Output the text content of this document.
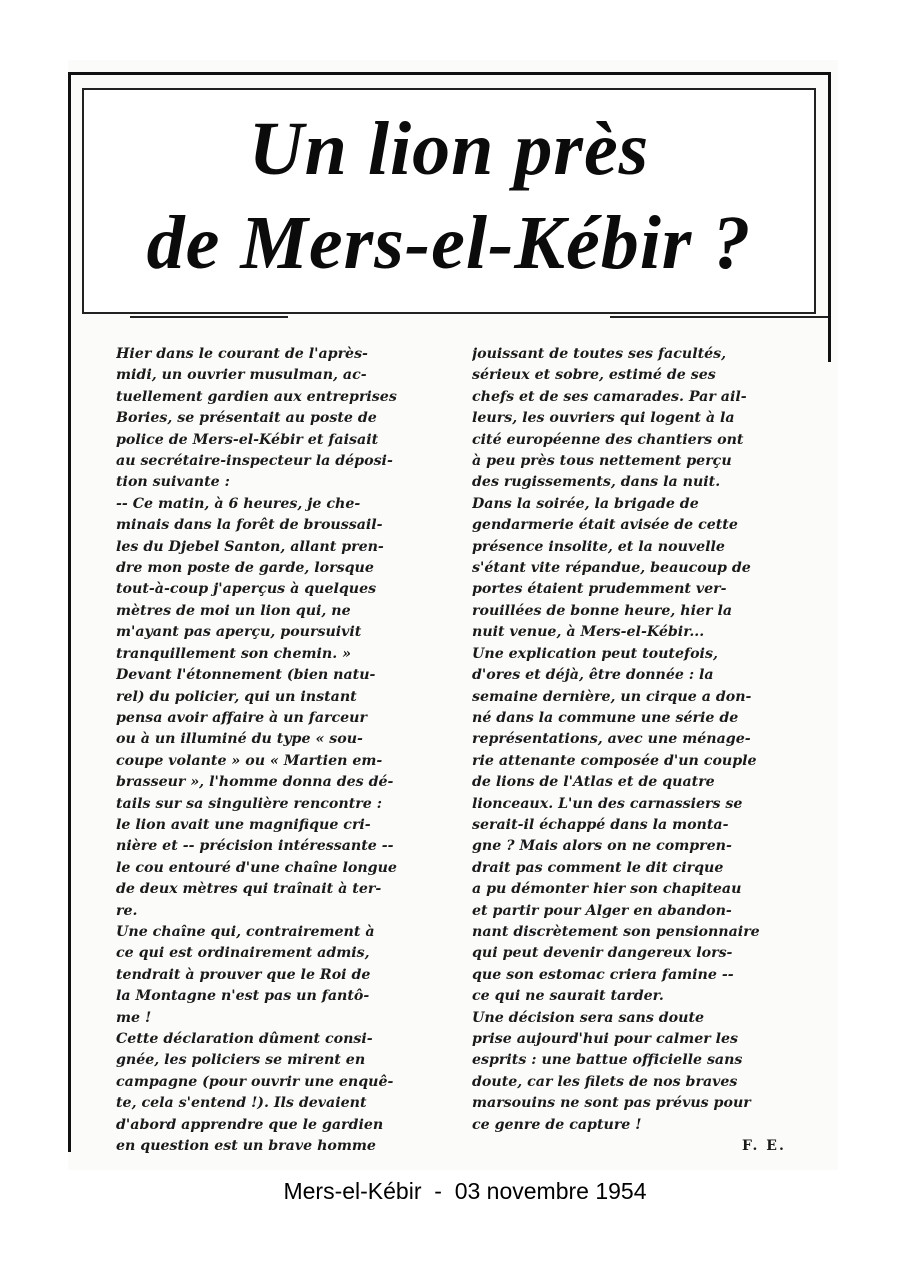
Un lion près
de Mers-el-Kébir ?
Hier dans le courant de l'après-
midi, un ouvrier musulman, ac-
tuellement gardien aux entreprises
Bories, se présentait au poste de
police de Mers-el-Kébir et faisait
au secrétaire-inspecteur la déposi-
tion suivante :
-- Ce matin, à 6 heures, je che-
minais dans la forêt de broussail-
les du Djebel Santon, allant pren-
dre mon poste de garde, lorsque
tout-à-coup j'aperçus à quelques
mètres de moi un lion qui, ne
m'ayant pas aperçu, poursuivit
tranquillement son chemin. »
Devant l'étonnement (bien natu-
rel) du policier, qui un instant
pensa avoir affaire à un farceur
ou à un illuminé du type « sou-
coupe volante » ou « Martien em-
brasseur », l'homme donna des dé-
tails sur sa singulière rencontre :
le lion avait une magnifique cri-
nière et -- précision intéressante --
le cou entouré d'une chaîne longue
de deux mètres qui traînait à ter-
re.
Une chaîne qui, contrairement à
ce qui est ordinairement admis,
tendrait à prouver que le Roi de
la Montagne n'est pas un fantô-
me !
Cette déclaration dûment consi-
gnée, les policiers se mirent en
campagne (pour ouvrir une enquê-
te, cela s'entend !). Ils devaient
d'abord apprendre que le gardien
en question est un brave homme
jouissant de toutes ses facultés,
sérieux et sobre, estimé de ses
chefs et de ses camarades. Par ail-
leurs, les ouvriers qui logent à la
cité européenne des chantiers ont
à peu près tous nettement perçu
des rugissements, dans la nuit.
Dans la soirée, la brigade de
gendarmerie était avisée de cette
présence insolite, et la nouvelle
s'étant vite répandue, beaucoup de
portes étaient prudemment ver-
rouillées de bonne heure, hier la
nuit venue, à Mers-el-Kébir...
Une explication peut toutefois,
d'ores et déjà, être donnée : la
semaine dernière, un cirque a don-
né dans la commune une série de
représentations, avec une ménage-
rie attenante composée d'un couple
de lions de l'Atlas et de quatre
lionceaux. L'un des carnassiers se
serait-il échappé dans la monta-
gne ? Mais alors on ne compren-
drait pas comment le dit cirque
a pu démonter hier son chapiteau
et partir pour Alger en abandon-
nant discrètement son pensionnaire
qui peut devenir dangereux lors-
que son estomac criera famine --
ce qui ne saurait tarder.
Une décision sera sans doute
prise aujourd'hui pour calmer les
esprits : une battue officielle sans
doute, car les filets de nos braves
marsouins ne sont pas prévus pour
ce genre de capture !
F. E.
Mers-el-Kébir  -  03 novembre 1954
